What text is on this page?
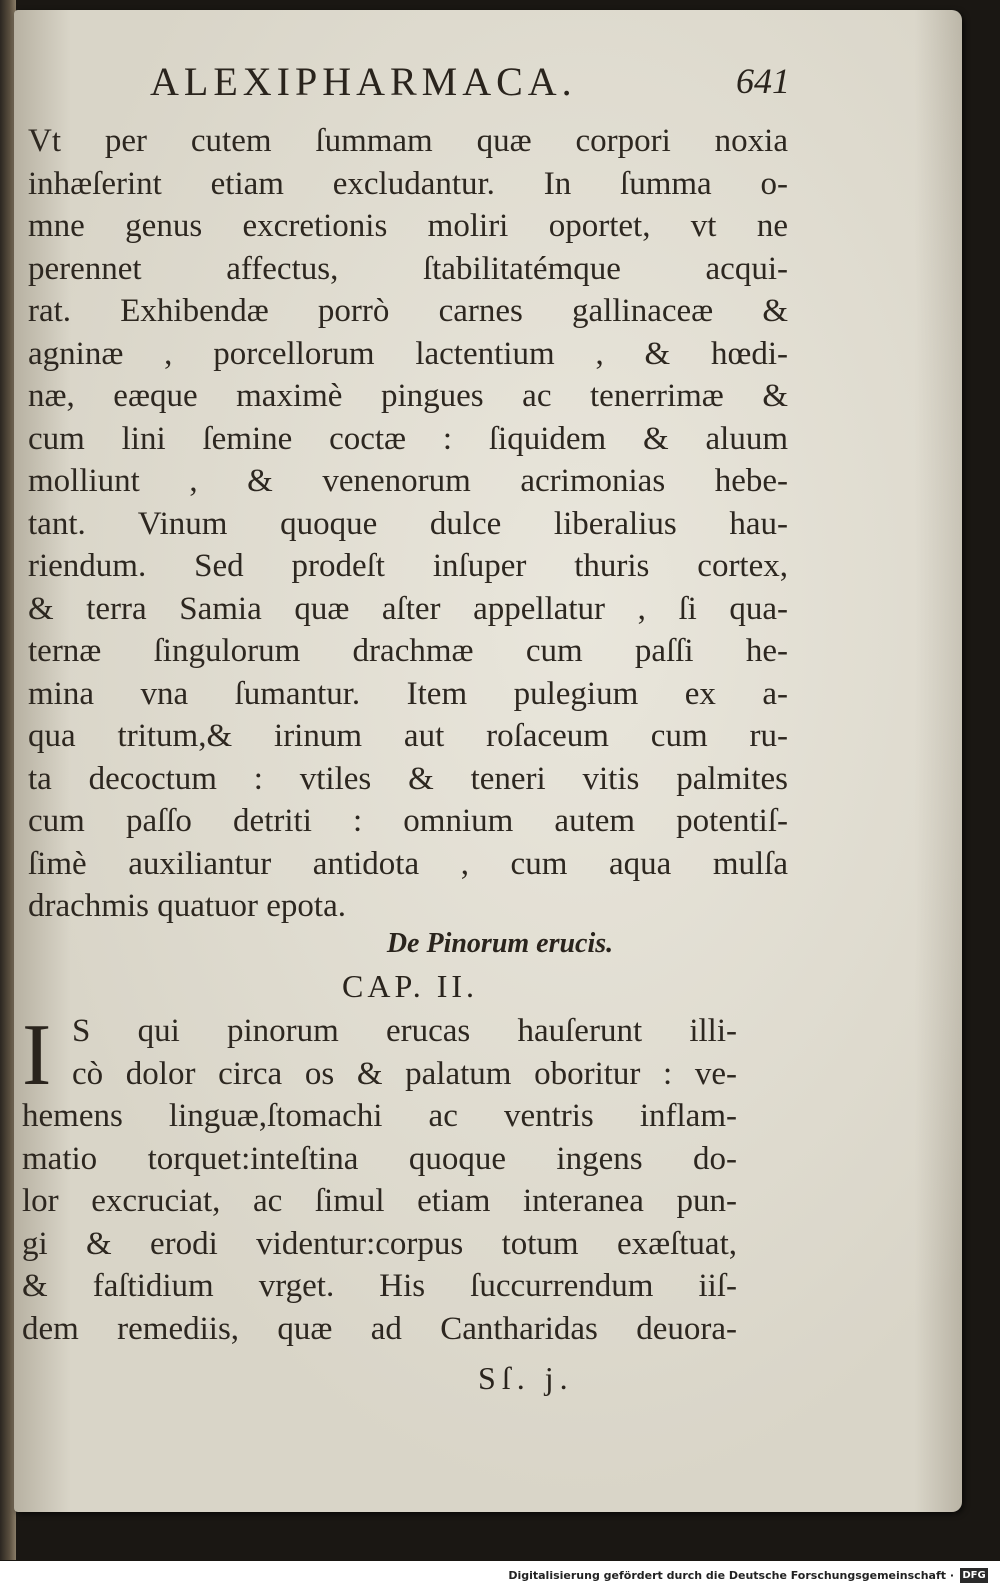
ALEXIPHARMACA.	641
Vt per cutem ſummam quæ corpori noxia
inhæſerint etiam excludantur. In ſumma o-
mne genus excretionis moliri oportet, vt ne
perennet affectus, ſtabilitatémque acqui-
rat. Exhibendæ porrò carnes gallinaceæ &
agninæ , porcellorum lactentium , & hœdi-
næ, eæque maximè pingues ac tenerrimæ &
cum lini ſemine coctæ : ſiquidem & aluum
molliunt , & venenorum acrimonias hebe-
tant. Vinum quoque dulce liberalius hau-
riendum. Sed prodeſt inſuper thuris cortex,
& terra Samia quæ aſter appellatur , ſi qua-
ternæ ſingulorum drachmæ cum paſſi he-
mina vna ſumantur. Item pulegium ex a-
qua tritum,& irinum aut roſaceum cum ru-
ta decoctum : vtiles & teneri vitis palmites
cum paſſo detriti : omnium autem potentiſ-
ſimè auxiliantur antidota , cum aqua mulſa
drachmis quatuor epota.
De Pinorum erucis.
CAP. II.
I S qui pinorum erucas hauſerunt illi-
cò dolor circa os & palatum oboritur : ve-
hemens linguæ,ſtomachi ac ventris inflam-
matio torquet:inteſtina quoque ingens do-
lor excruciat, ac ſimul etiam interanea pun-
gi & erodi videntur:corpus totum exæſtuat,
& faſtidium vrget. His ſuccurrendum iiſ-
dem remediis, quæ ad Cantharidas deuora-
Sſ. j.
Digitalisierung gefördert durch die Deutsche Forschungsgemeinschaft · DFG
